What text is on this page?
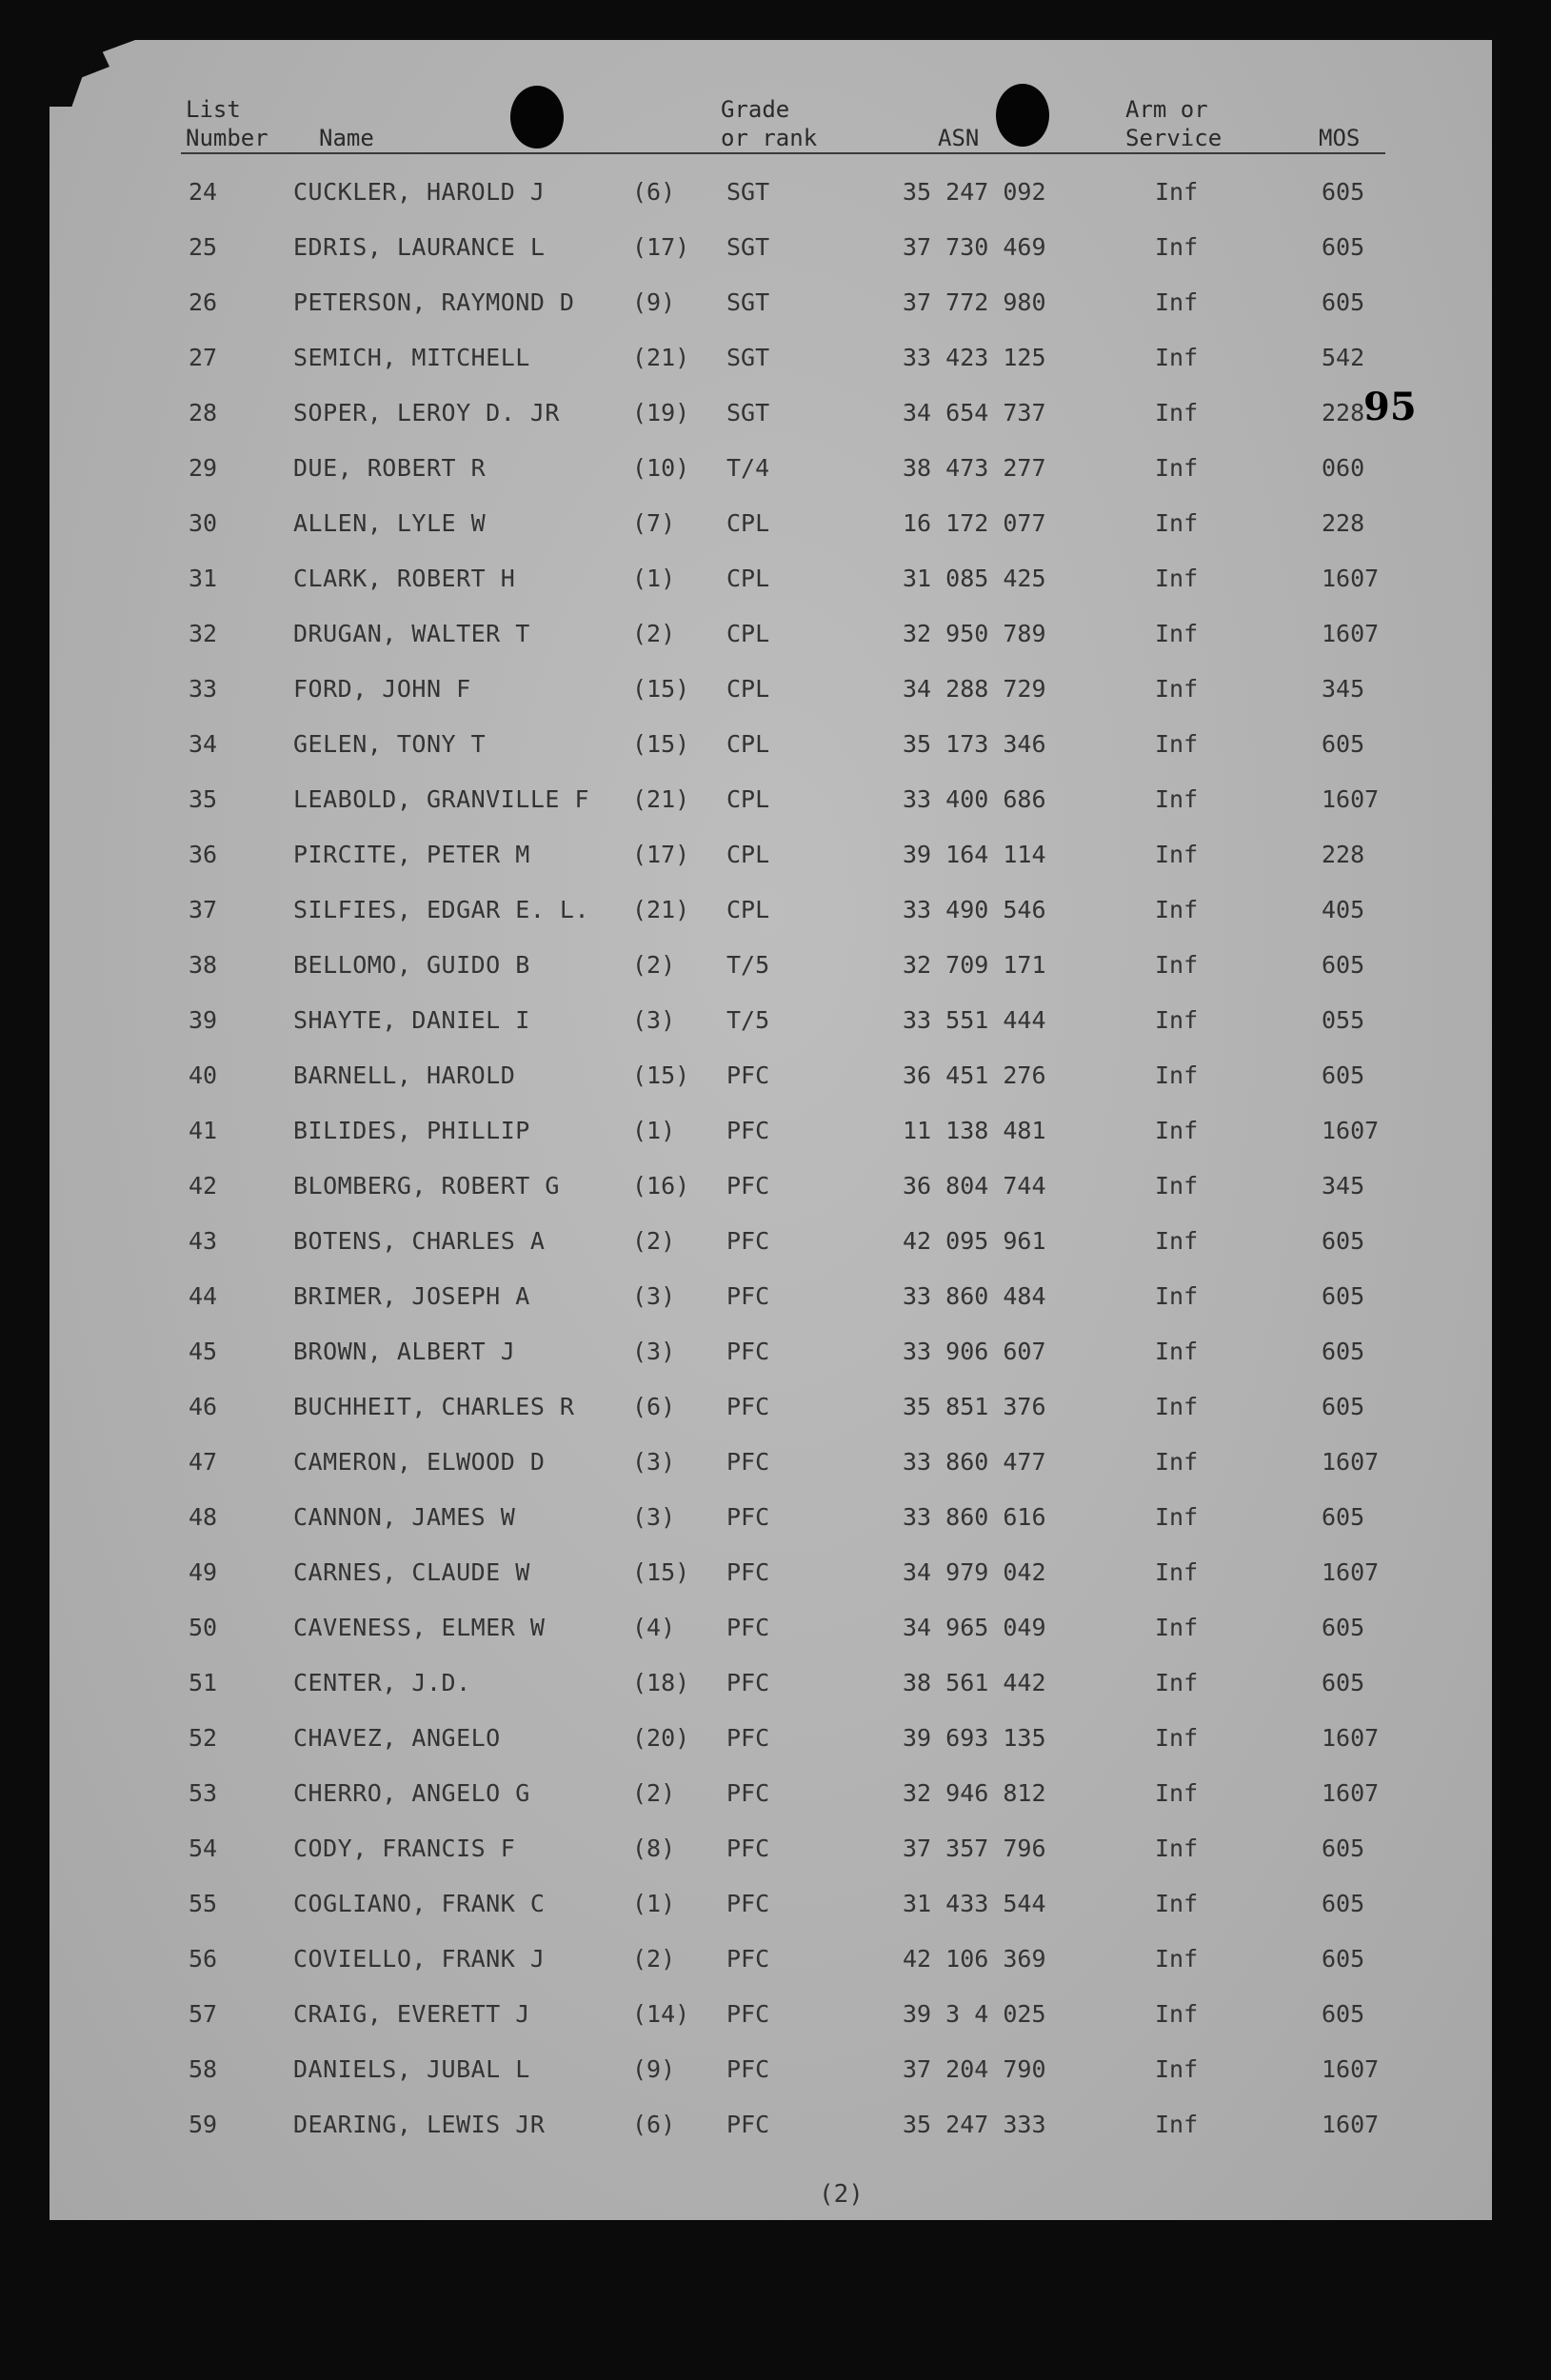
List
Number Name
Grade
or rank	ASN
Arm or
Service	MOS
24	CUCKLER, HAROLD J	(6) SGT	35 247 092	Inf	605
25	EDRIS, LAURANCE L	(17) SGT	37 730 469	Inf	605
26	PETERSON, RAYMOND D (9) SGT	37 772 980	Inf	605
27	SEMICH, MITCHELL	(21) SGT	33 423 125	Inf	542
28	SOPER, LEROY D. JR	(19) SGT	34 654 737	Inf	228
29	DUE, ROBERT R	(10) T/4	38 473 277	Inf	060
30	ALLEN, LYLE W	(7) CPL	16 172 077	Inf	228
31	CLARK, ROBERT H	(1) CPL	31 085 425	Inf	1607
32	DRUGAN, WALTER T	(2) CPL	32 950 789	Inf	1607
33	FORD, JOHN F	(15) CPL	34 288 729	Inf	345
34	GELEN, TONY T	(15) CPL	35 173 346	Inf	605
35	LEABOLD, GRANVILLE F (21) CPL	33 400 686	Inf	1607
36	PIRCITE, PETER M	(17) CPL	39 164 114	Inf	228
37	SILFIES, EDGAR E. L. (21) CPL	33 490 546	Inf	405
38	BELLOMO, GUIDO B	(2) T/5	32 709 171	Inf	605
39	SHAYTE, DANIEL I	(3) T/5	33 551 444	Inf	055
40	BARNELL, HAROLD	(15) PFC	36 451 276	Inf	605
41	BILIDES, PHILLIP	(1) PFC	11 138 481	Inf	1607
42	BLOMBERG, ROBERT G	(16) PFC	36 804 744	Inf	345
43	BOTENS, CHARLES A	(2) PFC	42 095 961	Inf	605
44	BRIMER, JOSEPH A	(3) PFC	33 860 484	Inf	605
45	BROWN, ALBERT J	(3) PFC	33 906 607	Inf	605
46	BUCHHEIT, CHARLES R (6) PFC	35 851 376	Inf	605
47	CAMERON, ELWOOD D	(3) PFC	33 860 477	Inf	1607
48	CANNON, JAMES W	(3) PFC	33 860 616	Inf	605
49	CARNES, CLAUDE W	(15) PFC	34 979 042	Inf	1607
50	CAVENESS, ELMER W	(4) PFC	34 965 049	Inf	605
51	CENTER, J.D.	(18) PFC	38 561 442	Inf	605
52	CHAVEZ, ANGELO	(20) PFC	39 693 135	Inf	1607
53	CHERRO, ANGELO G	(2) PFC	32 946 812	Inf	1607
54	CODY, FRANCIS F	(8) PFC	37 357 796	Inf	605
55	COGLIANO, FRANK C	(1) PFC	31 433 544	Inf	605
56	COVIELLO, FRANK J	(2) PFC	42 106 369	Inf	605
57	CRAIG, EVERETT J	(14) PFC	39 3 4 025	Inf	605
58	DANIELS, JUBAL L	(9) PFC	37 204 790	Inf	1607
59	DEARING, LEWIS JR	(6) PFC	35 247 333	Inf	1607
95
(2)
